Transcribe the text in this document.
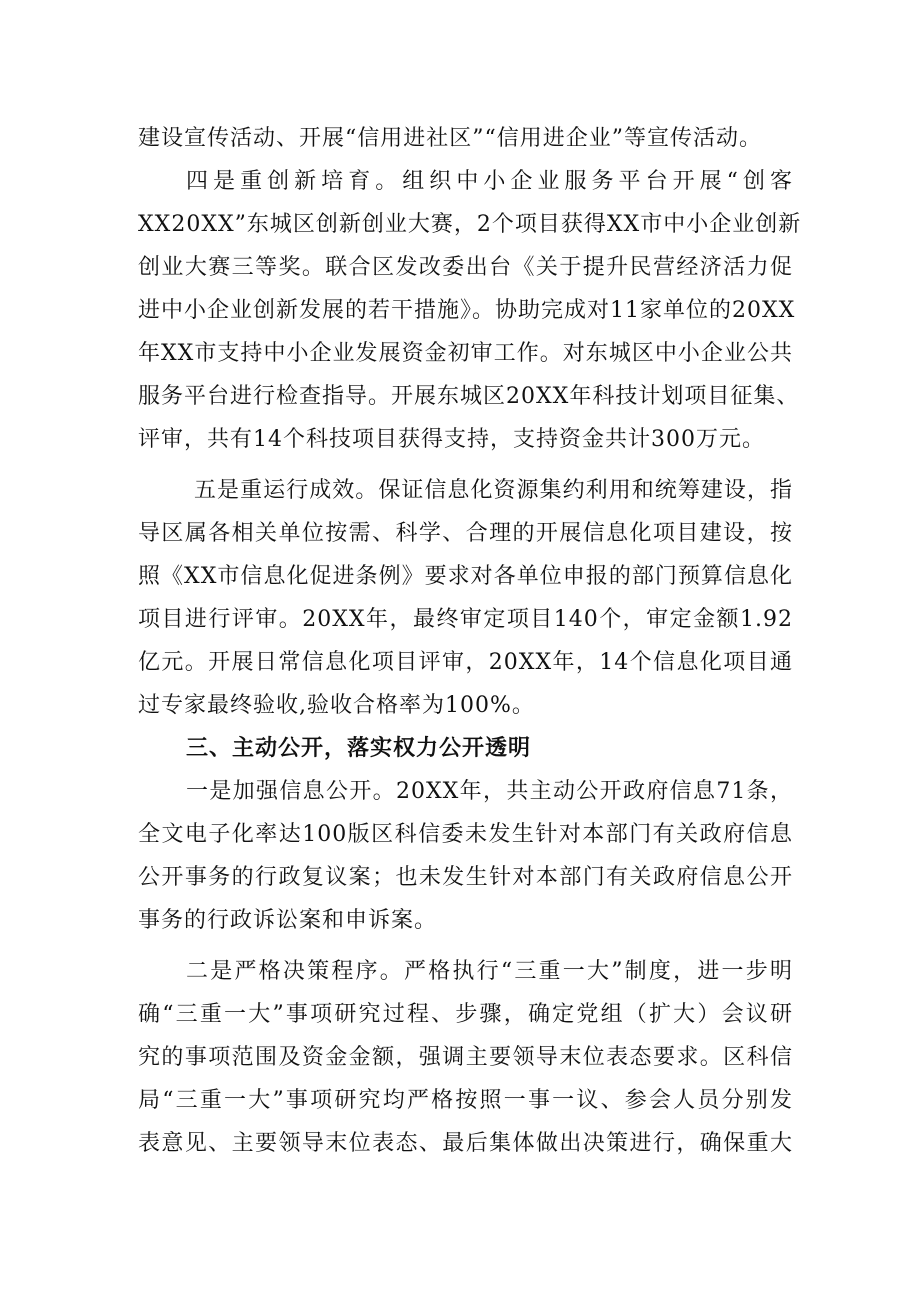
建设宣传活动、开展“信用进社区”“信用进企业”等宣传活动。
四是重创新培育。组织中小企业服务平台开展“创客
XX20XX”东城区创新创业大赛，2个项目获得XX市中小企业创新
创业大赛三等奖。联合区发改委出台《关于提升民营经济活力促
进中小企业创新发展的若干措施》。协助完成对11家单位的20XX
年XX市支持中小企业发展资金初审工作。对东城区中小企业公共
服务平台进行检查指导。开展东城区20XX年科技计划项目征集、
评审，共有14个科技项目获得支持，支持资金共计300万元。
五是重运行成效。保证信息化资源集约利用和统筹建设，指
导区属各相关单位按需、科学、合理的开展信息化项目建设，按
照《XX市信息化促进条例》要求对各单位申报的部门预算信息化
项目进行评审。20XX年，最终审定项目140个，审定金额1.92
亿元。开展日常信息化项目评审，20XX年，14个信息化项目通
过专家最终验收,验收合格率为100%。
三、主动公开，落实权力公开透明
一是加强信息公开。20XX年，共主动公开政府信息71条，
全文电子化率达100版区科信委未发生针对本部门有关政府信息
公开事务的行政复议案；也未发生针对本部门有关政府信息公开
事务的行政诉讼案和申诉案。
二是严格决策程序。严格执行“三重一大”制度，进一步明
确“三重一大”事项研究过程、步骤，确定党组（扩大）会议研
究的事项范围及资金金额，强调主要领导末位表态要求。区科信
局“三重一大”事项研究均严格按照一事一议、参会人员分别发
表意见、主要领导末位表态、最后集体做出决策进行，确保重大
